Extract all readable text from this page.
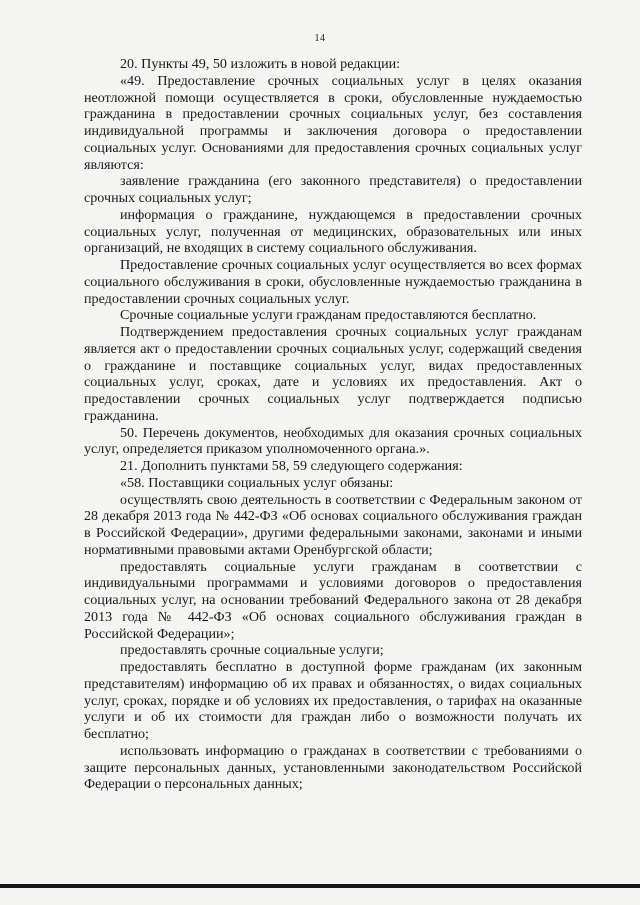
14

20. Пункты 49, 50 изложить в новой редакции:

«49. Предоставление срочных социальных услуг в целях оказания неотложной помощи осуществляется в сроки, обусловленные нуждаемостью гражданина в предоставлении срочных социальных услуг, без составления индивидуальной программы и заключения договора о предоставлении социальных услуг. Основаниями для предоставления срочных социальных услуг являются:

заявление гражданина (его законного представителя) о предоставлении срочных социальных услуг;

информация о гражданине, нуждающемся в предоставлении срочных социальных услуг, полученная от медицинских, образовательных или иных организаций, не входящих в систему социального обслуживания.

Предоставление срочных социальных услуг осуществляется во всех формах социального обслуживания в сроки, обусловленные нуждаемостью гражданина в предоставлении срочных социальных услуг.

Срочные социальные услуги гражданам предоставляются бесплатно.

Подтверждением предоставления срочных социальных услуг гражданам является акт о предоставлении срочных социальных услуг, содержащий сведения о гражданине и поставщике социальных услуг, видах предоставленных социальных услуг, сроках, дате и условиях их предоставления. Акт о предоставлении срочных социальных услуг подтверждается подписью гражданина.

50. Перечень документов, необходимых для оказания срочных социальных услуг, определяется приказом уполномоченного органа.».

21. Дополнить пунктами 58, 59 следующего содержания:

«58. Поставщики социальных услуг обязаны:

осуществлять свою деятельность в соответствии с Федеральным законом от 28 декабря 2013 года № 442-ФЗ «Об основах социального обслуживания граждан в Российской Федерации», другими федеральными законами, законами и иными нормативными правовыми актами Оренбургской области;

предоставлять социальные услуги гражданам в соответствии с индивидуальными программами и условиями договоров о предоставления социальных услуг, на основании требований Федерального закона от 28 декабря 2013 года № 442-ФЗ «Об основах социального обслуживания граждан в Российской Федерации»;

предоставлять срочные социальные услуги;

предоставлять бесплатно в доступной форме гражданам (их законным представителям) информацию об их правах и обязанностях, о видах социальных услуг, сроках, порядке и об условиях их предоставления, о тарифах на оказанные услуги и об их стоимости для граждан либо о возможности получать их бесплатно;

использовать информацию о гражданах в соответствии с требованиями о защите персональных данных, установленными законодательством Российской Федерации о персональных данных;
